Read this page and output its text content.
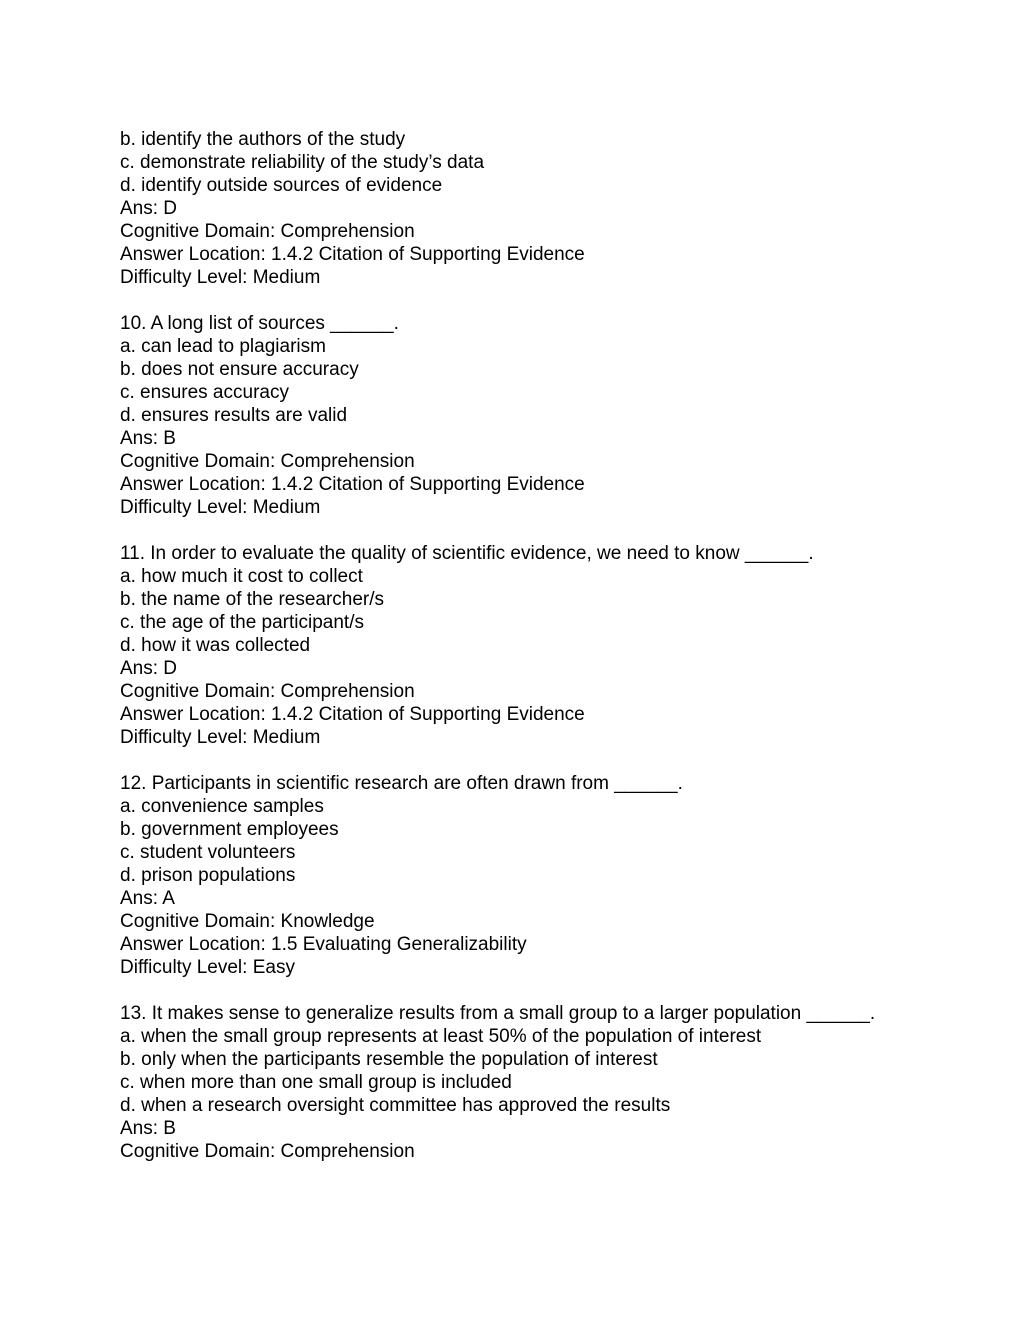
b. identify the authors of the study
c. demonstrate reliability of the study’s data
d. identify outside sources of evidence
Ans: D
Cognitive Domain: Comprehension
Answer Location: 1.4.2 Citation of Supporting Evidence
Difficulty Level: Medium
10. A long list of sources ______.
a. can lead to plagiarism
b. does not ensure accuracy
c. ensures accuracy
d. ensures results are valid
Ans: B
Cognitive Domain: Comprehension
Answer Location: 1.4.2 Citation of Supporting Evidence
Difficulty Level: Medium
11. In order to evaluate the quality of scientific evidence, we need to know ______.
a. how much it cost to collect
b. the name of the researcher/s
c. the age of the participant/s
d. how it was collected
Ans: D
Cognitive Domain: Comprehension
Answer Location: 1.4.2 Citation of Supporting Evidence
Difficulty Level: Medium
12. Participants in scientific research are often drawn from ______.
a. convenience samples
b. government employees
c. student volunteers
d. prison populations
Ans: A
Cognitive Domain: Knowledge
Answer Location: 1.5 Evaluating Generalizability
Difficulty Level: Easy
13. It makes sense to generalize results from a small group to a larger population ______.
a. when the small group represents at least 50% of the population of interest
b. only when the participants resemble the population of interest
c. when more than one small group is included
d. when a research oversight committee has approved the results
Ans: B
Cognitive Domain: Comprehension
